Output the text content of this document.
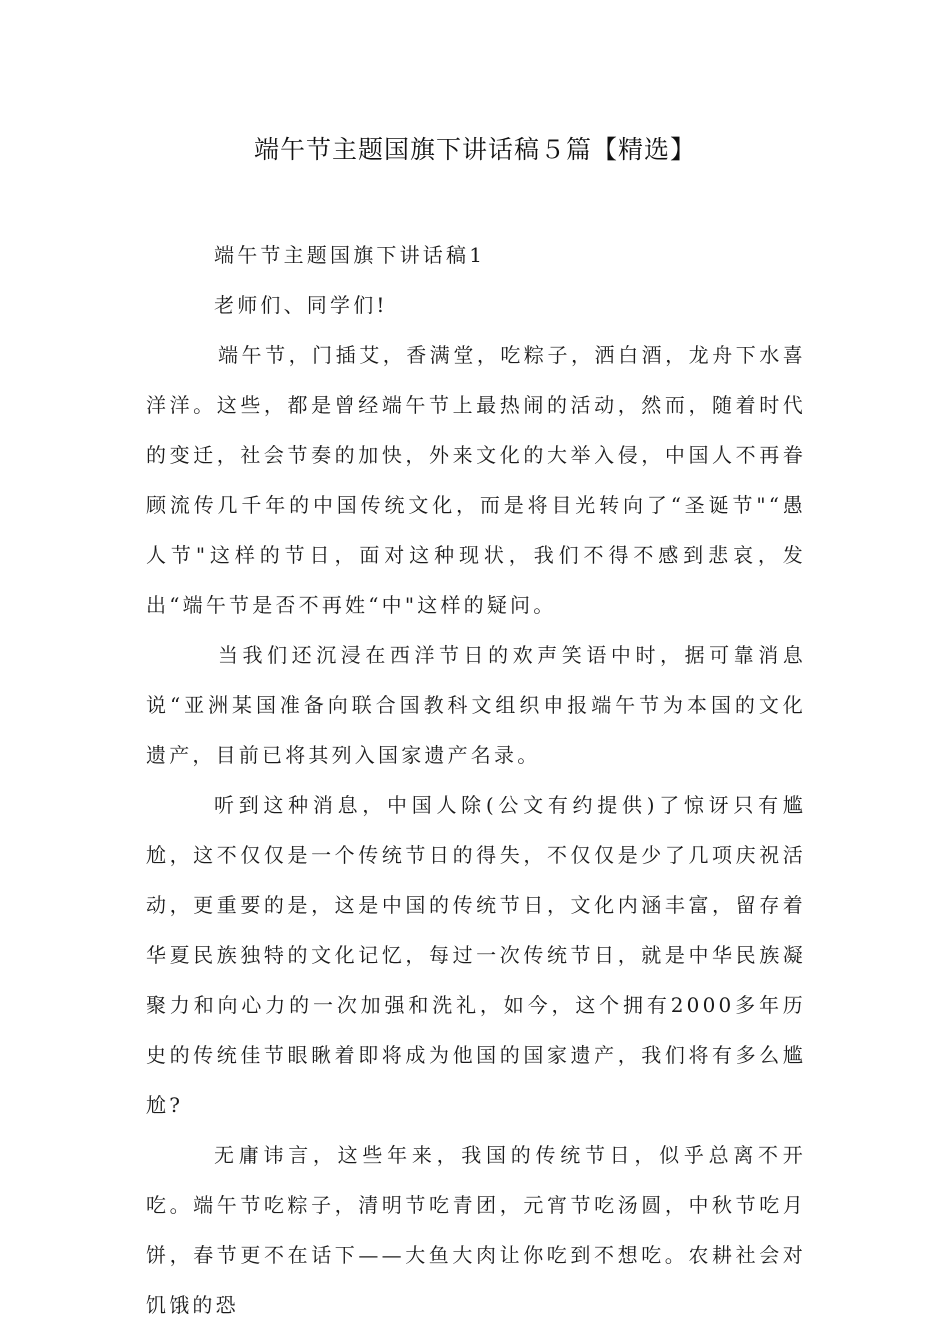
端午节主题国旗下讲话稿５篇【精选】

端午节主题国旗下讲话稿1

老师们、同学们!

端午节，门插艾，香满堂，吃粽子，洒白酒，龙舟下水喜洋洋。这些，都是曾经端午节上最热闹的活动，然而，随着时代的变迁，社会节奏的加快，外来文化的大举入侵，中国人不再眷顾流传几千年的中国传统文化，而是将目光转向了“圣诞节"“愚人节"这样的节日，面对这种现状，我们不得不感到悲哀，发出“端午节是否不再姓“中"这样的疑问。

当我们还沉浸在西洋节日的欢声笑语中时，据可靠消息说“亚洲某国准备向联合国教科文组织申报端午节为本国的文化遗产，目前已将其列入国家遗产名录。

听到这种消息，中国人除(公文有约提供)了惊讶只有尴尬，这不仅仅是一个传统节日的得失，不仅仅是少了几项庆祝活动，更重要的是，这是中国的传统节日，文化内涵丰富，留存着华夏民族独特的文化记忆，每过一次传统节日，就是中华民族凝聚力和向心力的一次加强和洗礼，如今，这个拥有2000多年历史的传统佳节眼瞅着即将成为他国的国家遗产，我们将有多么尴尬?

无庸讳言，这些年来，我国的传统节日，似乎总离不开吃。端午节吃粽子，清明节吃青团，元宵节吃汤圆，中秋节吃月饼，春节更不在话下——大鱼大肉让你吃到不想吃。农耕社会对饥饿的恐
